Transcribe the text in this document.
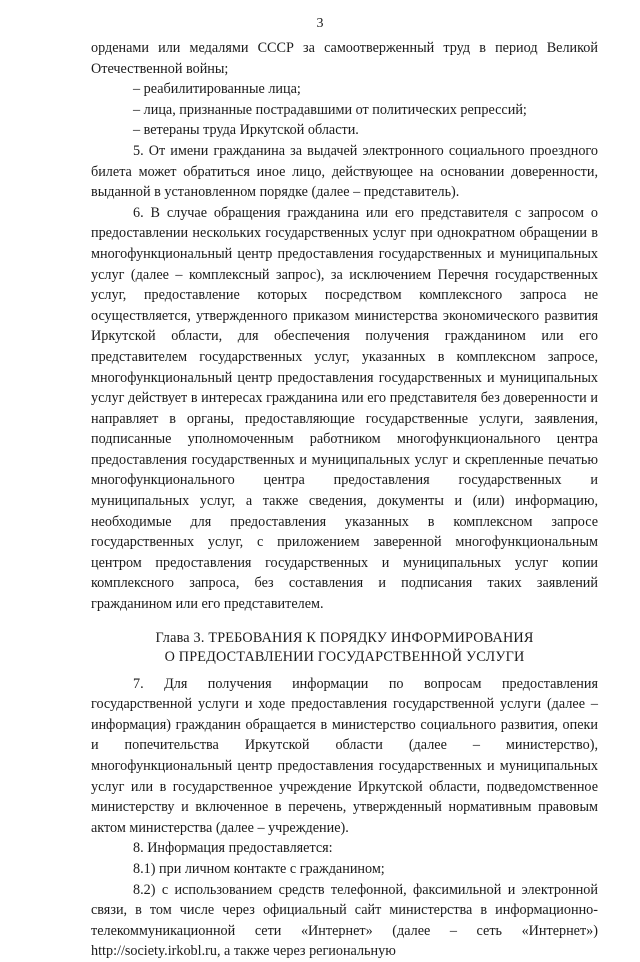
3

орденами или медалями СССР за самоотверженный труд в период Великой Отечественной войны;

– реабилитированные лица;

– лица, признанные пострадавшими от политических репрессий;

– ветераны труда Иркутской области.

5. От имени гражданина за выдачей электронного социального проездного билета может обратиться иное лицо, действующее на основании доверенности, выданной в установленном порядке (далее – представитель).

6. В случае обращения гражданина или его представителя с запросом о предоставлении нескольких государственных услуг при однократном обращении в многофункциональный центр предоставления государственных и муниципальных услуг (далее – комплексный запрос), за исключением Перечня государственных услуг, предоставление которых посредством комплексного запроса не осуществляется, утвержденного приказом министерства экономического развития Иркутской области, для обеспечения получения гражданином или его представителем государственных услуг, указанных в комплексном запросе, многофункциональный центр предоставления государственных и муниципальных услуг действует в интересах гражданина или его представителя без доверенности и направляет в органы, предоставляющие государственные услуги, заявления, подписанные уполномоченным работником многофункционального центра предоставления государственных и муниципальных услуг и скрепленные печатью многофункционального центра предоставления государственных и муниципальных услуг, а также сведения, документы и (или) информацию, необходимые для предоставления указанных в комплексном запросе государственных услуг, с приложением заверенной многофункциональным центром предоставления государственных и муниципальных услуг копии комплексного запроса, без составления и подписания таких заявлений гражданином или его представителем.

Глава 3. ТРЕБОВАНИЯ К ПОРЯДКУ ИНФОРМИРОВАНИЯ
О ПРЕДОСТАВЛЕНИИ ГОСУДАРСТВЕННОЙ УСЛУГИ

7. Для получения информации по вопросам предоставления государственной услуги и ходе предоставления государственной услуги (далее – информация) гражданин обращается в министерство социального развития, опеки и попечительства Иркутской области (далее – министерство), многофункциональный центр предоставления государственных и муниципальных услуг или в государственное учреждение Иркутской области, подведомственное министерству и включенное в перечень, утвержденный нормативным правовым актом министерства (далее – учреждение).

8. Информация предоставляется:

8.1) при личном контакте с гражданином;

8.2) с использованием средств телефонной, факсимильной и электронной связи, в том числе через официальный сайт министерства в информационно-телекоммуникационной сети «Интернет» (далее – сеть «Интернет») http://society.irkobl.ru, а также через региональную
